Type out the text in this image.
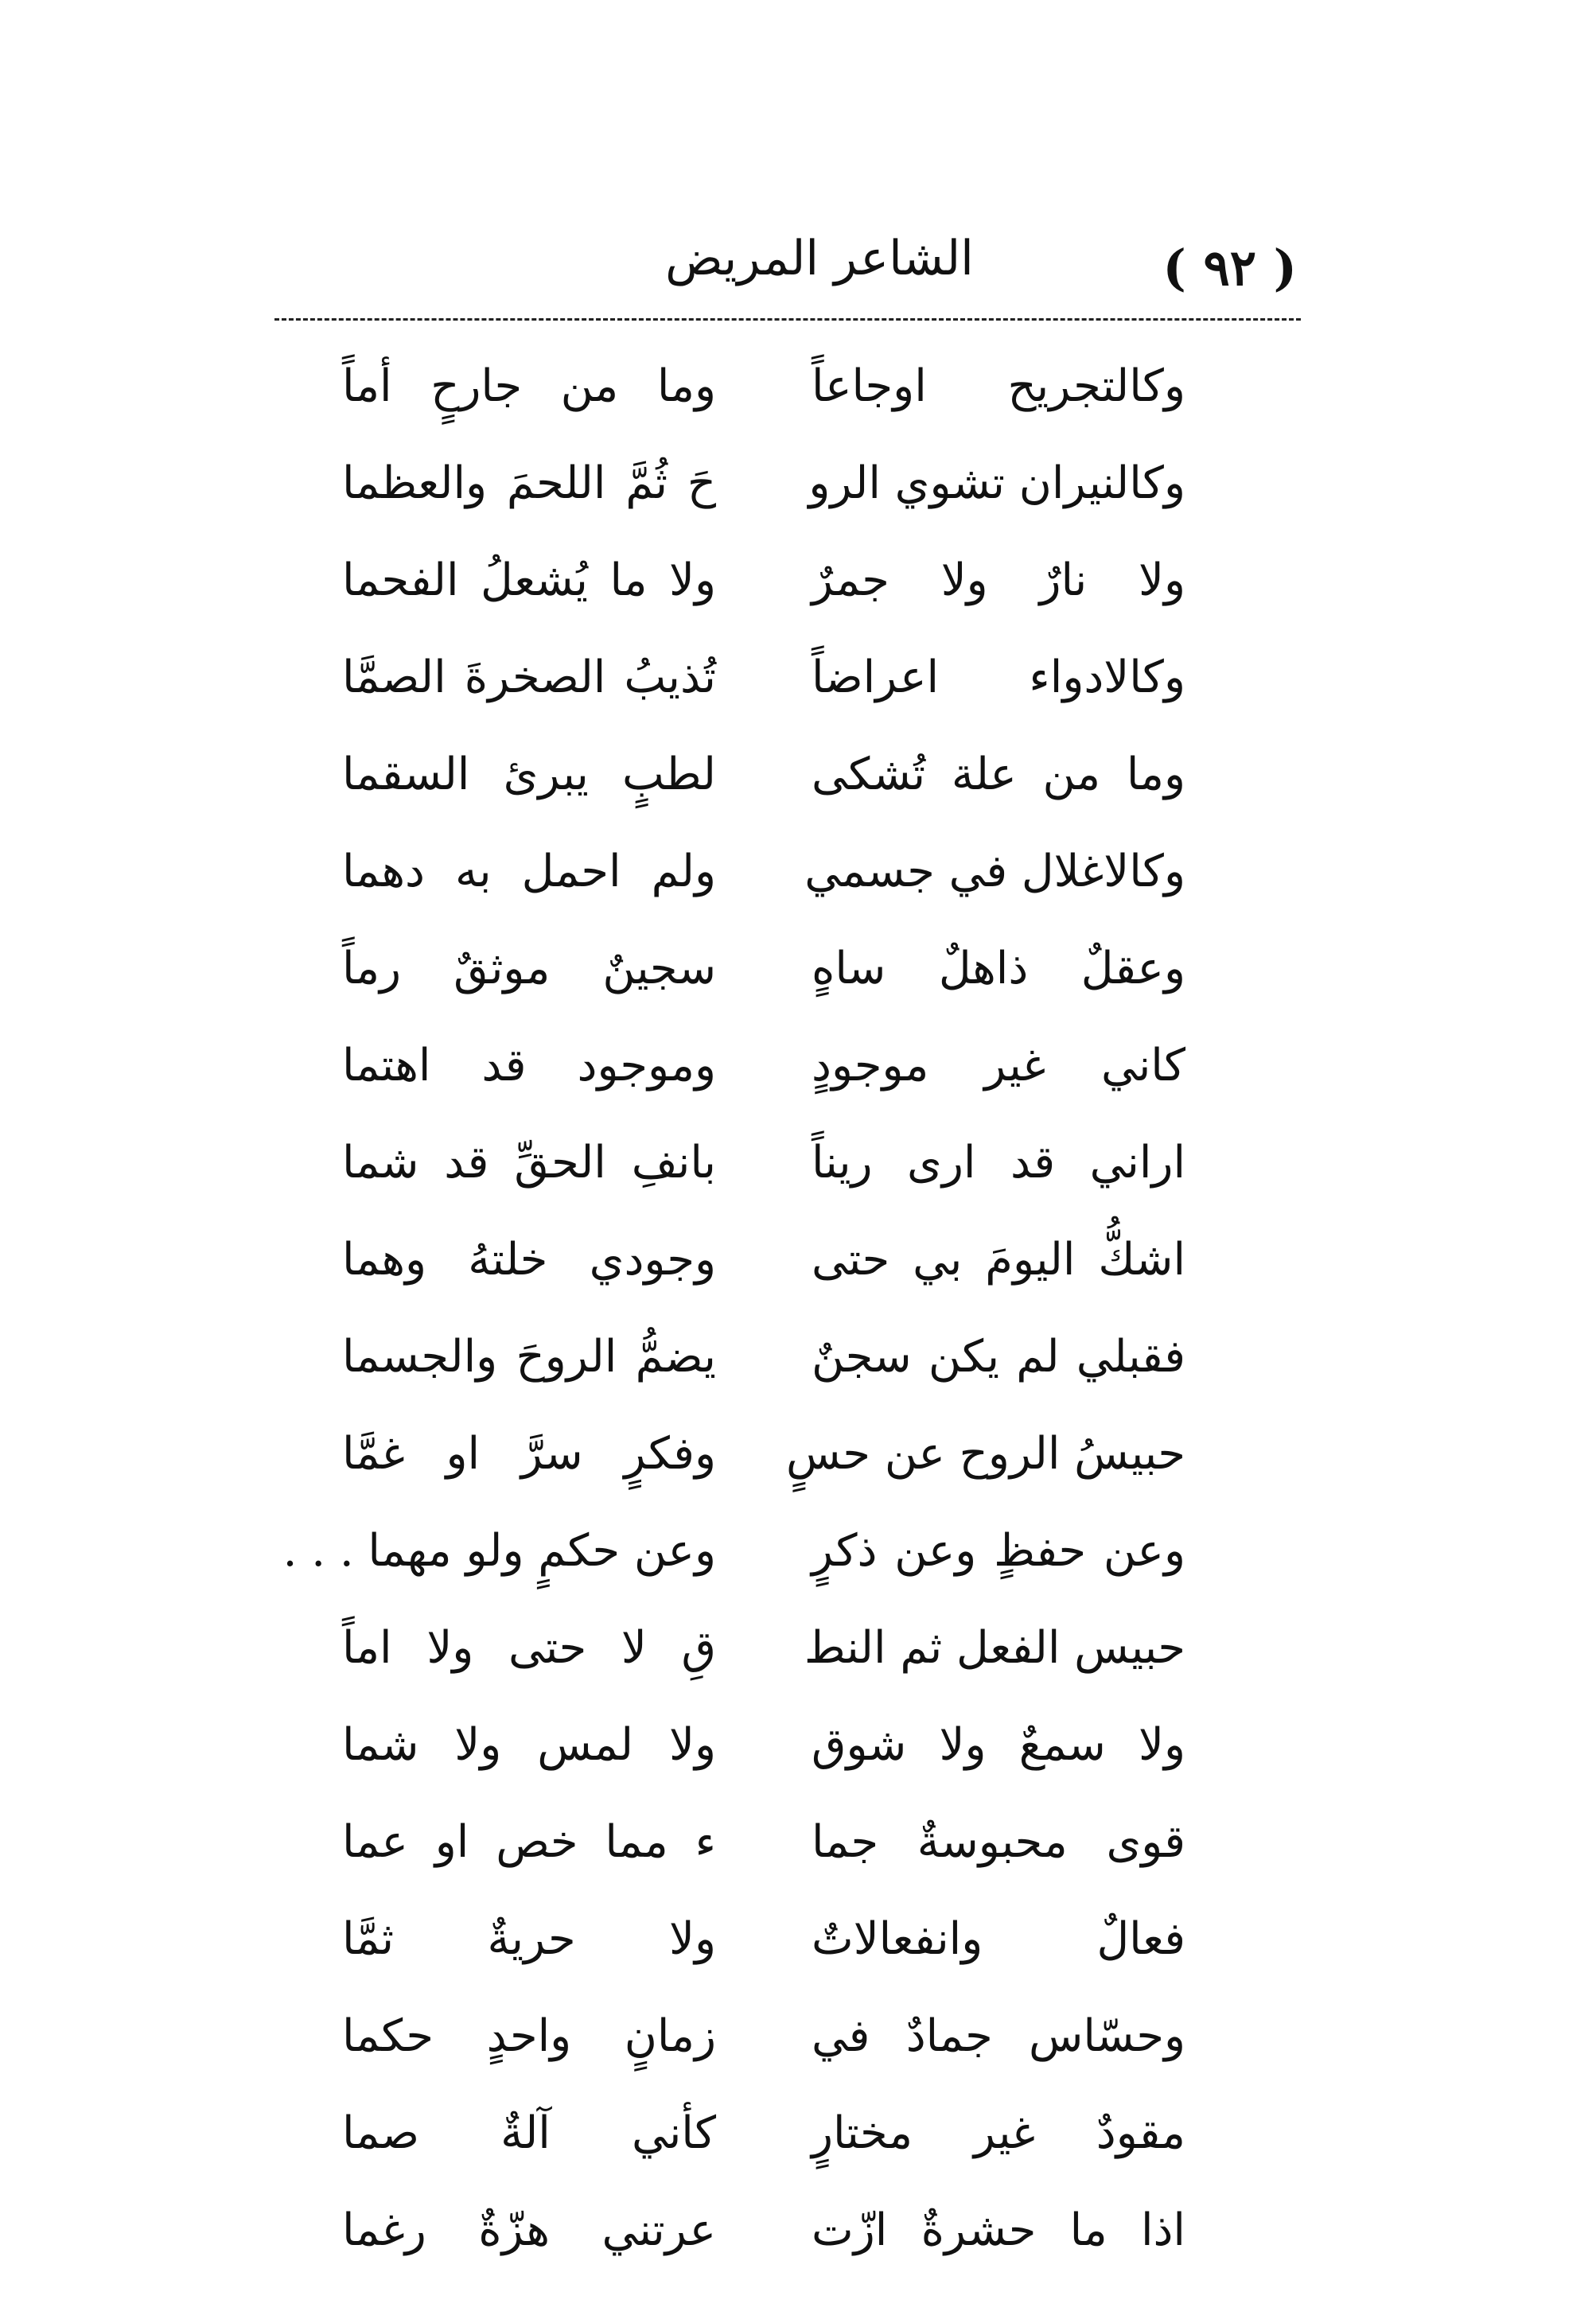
( ٩٢ )
الشاعر المريض
وكالتجريح اوجاعاً
وما من جارحٍ أماً
وكالنيران تشوي الرو
حَ ثُمَّ اللحمَ والعظما
ولا نارٌ ولا جمرٌ
ولا ما يُشعلُ الفحما
وكالادواء اعراضاً
تُذيبُ الصخرةَ الصمَّا
وما من علة تُشكى
لطبٍ يبرئ السقما
وكالاغلال في جسمي
ولم احمل به دهما
وعقلٌ ذاهلٌ ساهٍ
سجينٌ موثقٌ رماً
كاني غير موجودٍ
وموجود قد اهتما
اراني قد ارى ريناً
بانفِ الحقِّ قد شما
اشكُّ اليومَ بي حتى
وجودي خلتهُ وهما
فقبلي لم يكن سجنٌ
يضمُّ الروحَ والجسما
حبيسُ الروح عن حسٍ
وفكرٍ سرَّ او غمَّا
وعن حفظٍ وعن ذكرٍ
وعن حكمٍ ولو مهما . . .
حبيس الفعل ثم النط
قِ لا حتى ولا اماً
ولا سمعٌ ولا شوق
ولا لمس ولا شما
قوى محبوسةٌ جما
ء مما خص او عما
فعالٌ وانفعالاتٌ
ولا حريةٌ ثمَّا
وحسّاس جمادٌ في
زمانٍ واحدٍ حكما
مقودٌ غير مختارٍ
كأني آلةٌ صما
اذا ما حشرةٌ ازّت
عرتني هزّةٌ رغما
